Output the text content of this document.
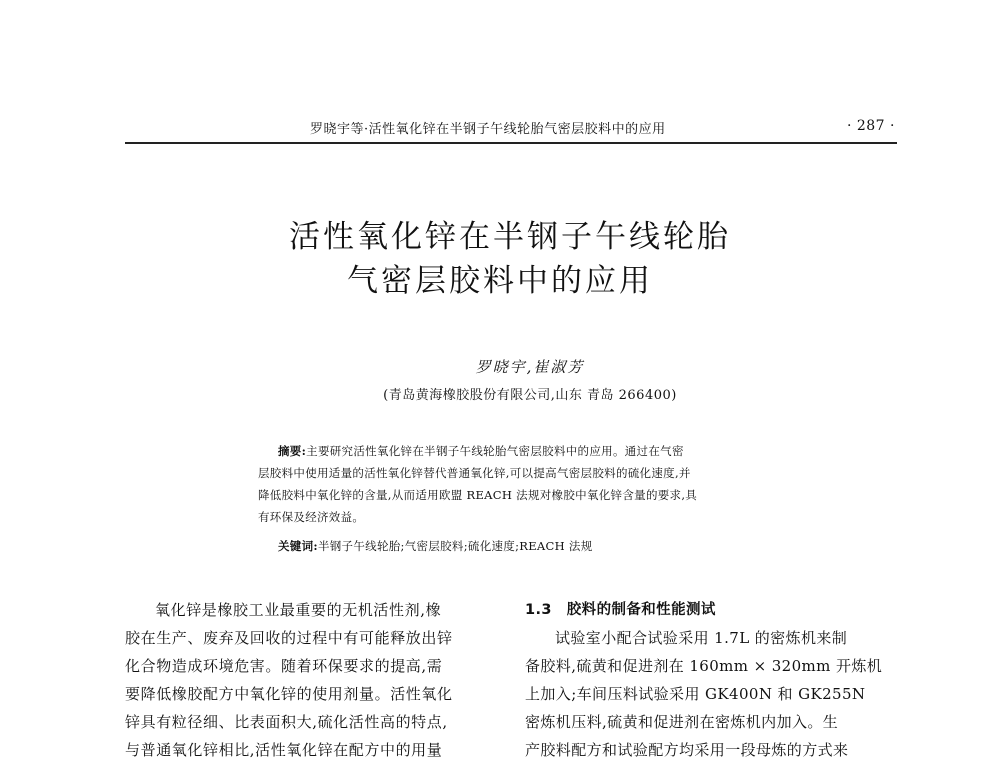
罗晓宇等·活性氧化锌在半钢子午线轮胎气密层胶料中的应用	· 287 ·
活性氧化锌在半钢子午线轮胎
气密层胶料中的应用
罗晓宇,崔淑芳
(青岛黄海橡胶股份有限公司,山东 青岛 266400)
摘要:主要研究活性氧化锌在半钢子午线轮胎气密层胶料中的应用。通过在气密
层胶料中使用适量的活性氧化锌替代普通氧化锌,可以提高气密层胶料的硫化速度,并
降低胶料中氧化锌的含量,从而适用欧盟 REACH 法规对橡胶中氧化锌含量的要求,具
有环保及经济效益。
关键词:半钢子午线轮胎;气密层胶料;硫化速度;REACH 法规
氧化锌是橡胶工业最重要的无机活性剂,橡
胶在生产、废弃及回收的过程中有可能释放出锌
化合物造成环境危害。随着环保要求的提高,需
要降低橡胶配方中氧化锌的使用剂量。活性氧化
锌具有粒径细、比表面积大,硫化活性高的特点,
与普通氧化锌相比,活性氧化锌在配方中的用量
1.3　胶料的制备和性能测试
试验室小配合试验采用 1.7L 的密炼机来制
备胶料,硫黄和促进剂在 160mm × 320mm 开炼机
上加入;车间压料试验采用 GK400N 和 GK255N
密炼机压料,硫黄和促进剂在密炼机内加入。生
产胶料配方和试验配方均采用一段母炼的方式来
